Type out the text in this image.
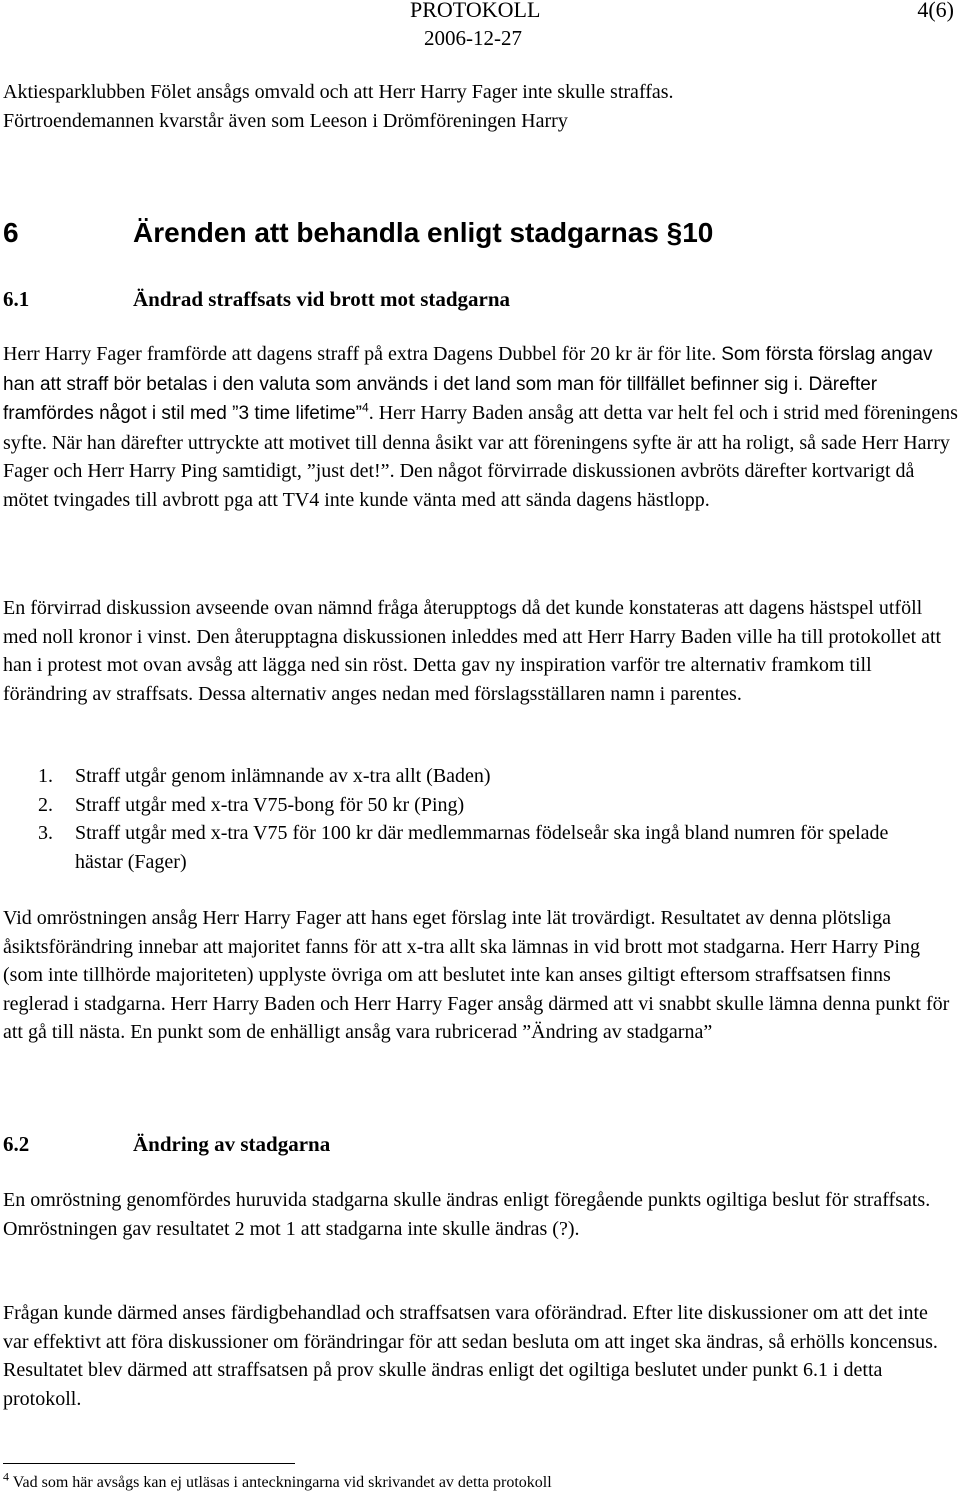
PROTOKOLL
2006-12-27
4(6)
Aktiesparklubben Fölet ansågs omvald och att Herr Harry Fager inte skulle straffas.
Förtroendemannen kvarstår även som Leeson i Drömföreningen Harry
6	Ärenden att behandla enligt stadgarnas §10
6.1	Ändrad straffsats vid brott mot stadgarna

Herr Harry Fager framförde att dagens straff på extra Dagens Dubbel för 20 kr är för lite. Som första förslag angav han att straff bör betalas i den valuta som används i det land som man för tillfället befinner sig i. Därefter framfördes något i stil med ”3 time lifetime”$^4$. Herr Harry Baden ansåg att detta var helt fel och i strid med föreningens syfte. När han därefter uttryckte att motivet till denna åsikt var att föreningens syfte är att ha roligt, så sade Herr Harry Fager och Herr Harry Ping samtidigt, ”just det!”. Den något förvirrade diskussionen avbröts därefter kortvarigt då mötet tvingades till avbrott pga att TV4 inte kunde vänta med att sända dagens hästlopp.

En förvirrad diskussion avseende ovan nämnd fråga återupptogs då det kunde konstateras att dagens hästspel utföll med noll kronor i vinst. Den återupptagna diskussionen inleddes med att Herr Harry Baden ville ha till protokollet att han i protest mot ovan avsåg att lägga ned sin röst. Detta gav ny inspiration varför tre alternativ framkom till förändring av straffsats. Dessa alternativ anges nedan med förslagsställaren namn i parentes.

1.	Straff utgår genom inlämnande av x-tra allt (Baden)
2.	Straff utgår med x-tra V75-bong för 50 kr (Ping)
3.	Straff utgår med x-tra V75 för 100 kr där medlemmarnas födelseår ska ingå bland numren för spelade hästar (Fager)

Vid omröstningen ansåg Herr Harry Fager att hans eget förslag inte lät trovärdigt. Resultatet av denna plötsliga åsiktsförändring innebar att majoritet fanns för att x-tra allt ska lämnas in vid brott mot stadgarna. Herr Harry Ping (som inte tillhörde majoriteten) upplyste övriga om att beslutet inte kan anses giltigt eftersom straffsatsen finns reglerad i stadgarna. Herr Harry Baden och Herr Harry Fager ansåg därmed att vi snabbt skulle lämna denna punkt för att gå till nästa. En punkt som de enhälligt ansåg vara rubricerad ”Ändring av stadgarna”

6.2	Ändring av stadgarna

En omröstning genomfördes huruvida stadgarna skulle ändras enligt föregående punkts ogiltiga beslut för straffsats. Omröstningen gav resultatet 2 mot 1 att stadgarna inte skulle ändras (?).

Frågan kunde därmed anses färdigbehandlad och straffsatsen vara oförändrad. Efter lite diskussioner om att det inte var effektivt att föra diskussioner om förändringar för att sedan besluta om att inget ska ändras, så erhölls koncensus. Resultatet blev därmed att straffsatsen på prov skulle ändras enligt det ogiltiga beslutet under punkt 6.1 i detta protokoll.

$^4$ Vad som här avsågs kan ej utläsas i anteckningarna vid skrivandet av detta protokoll
